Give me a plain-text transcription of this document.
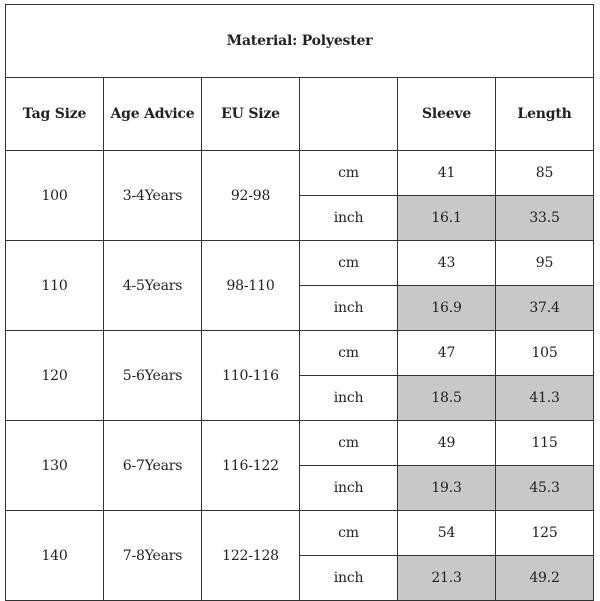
Material: Polyester					
Tag Size	Age Advice	EU Size		Sleeve	Length
100	3-4Years	92-98	cm	41	85
			inch	16.1	33.5
110	4-5Years	98-110	cm	43	95
			inch	16.9	37.4
120	5-6Years	110-116	cm	47	105
			inch	18.5	41.3
130	6-7Years	116-122	cm	49	115
			inch	19.3	45.3
140	7-8Years	122-128	cm	54	125
			inch	21.3	49.2
